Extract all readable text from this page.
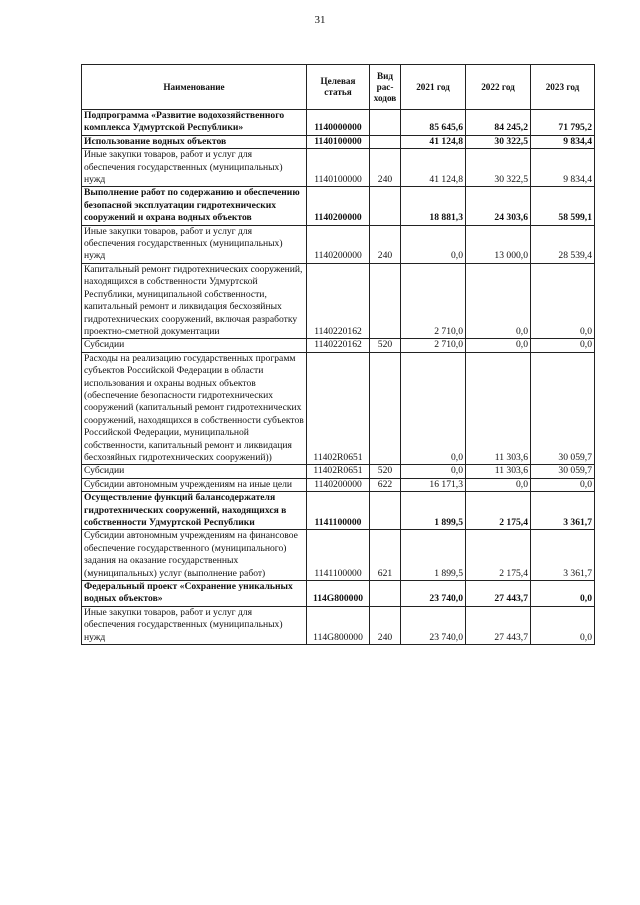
31
Наименование	Целевая статья	Вид рас-ходов	2021 год	2022 год	2023 год
Подпрограмма «Развитие водохозяйственного комплекса Удмуртской Республики»	1140000000		85 645,6	84 245,2	71 795,2
Использование водных объектов	1140100000		41 124,8	30 322,5	9 834,4
Иные закупки товаров, работ и услуг для обеспечения государственных (муниципальных) нужд	1140100000	240	41 124,8	30 322,5	9 834,4
Выполнение работ по содержанию и обеспечению безопасной эксплуатации гидротехнических сооружений и охрана водных объектов	1140200000		18 881,3	24 303,6	58 599,1
Иные закупки товаров, работ и услуг для обеспечения государственных (муниципальных) нужд	1140200000	240	0,0	13 000,0	28 539,4
Капитальный ремонт гидротехнических сооружений, находящихся в собственности Удмуртской Республики, муниципальной собственности, капитальный ремонт и ликвидация бесхозяйных гидротехнических сооружений, включая разработку проектно-сметной документации	1140220162		2 710,0	0,0	0,0
Субсидии	1140220162	520	2 710,0	0,0	0,0
Расходы на реализацию государственных программ субъектов Российской Федерации в области использования и охраны водных объектов (обеспечение безопасности гидротехнических сооружений (капитальный ремонт гидротехнических сооружений, находящихся в собственности субъектов Российской Федерации, муниципальной собственности, капитальный ремонт и ликвидация бесхозяйных гидротехнических сооружений))	11402R0651		0,0	11 303,6	30 059,7
Субсидии	11402R0651	520	0,0	11 303,6	30 059,7
Субсидии автономным учреждениям на иные цели	1140200000	622	16 171,3	0,0	0,0
Осуществление функций балансодержателя гидротехнических сооружений, находящихся в собственности Удмуртской Республики	1141100000		1 899,5	2 175,4	3 361,7
Субсидии автономным учреждениям на финансовое обеспечение государственного (муниципального) задания на оказание государственных (муниципальных) услуг (выполнение работ)	1141100000	621	1 899,5	2 175,4	3 361,7
Федеральный проект «Сохранение уникальных водных объектов»	114G800000		23 740,0	27 443,7	0,0
Иные закупки товаров, работ и услуг для обеспечения государственных (муниципальных) нужд	114G800000	240	23 740,0	27 443,7	0,0
